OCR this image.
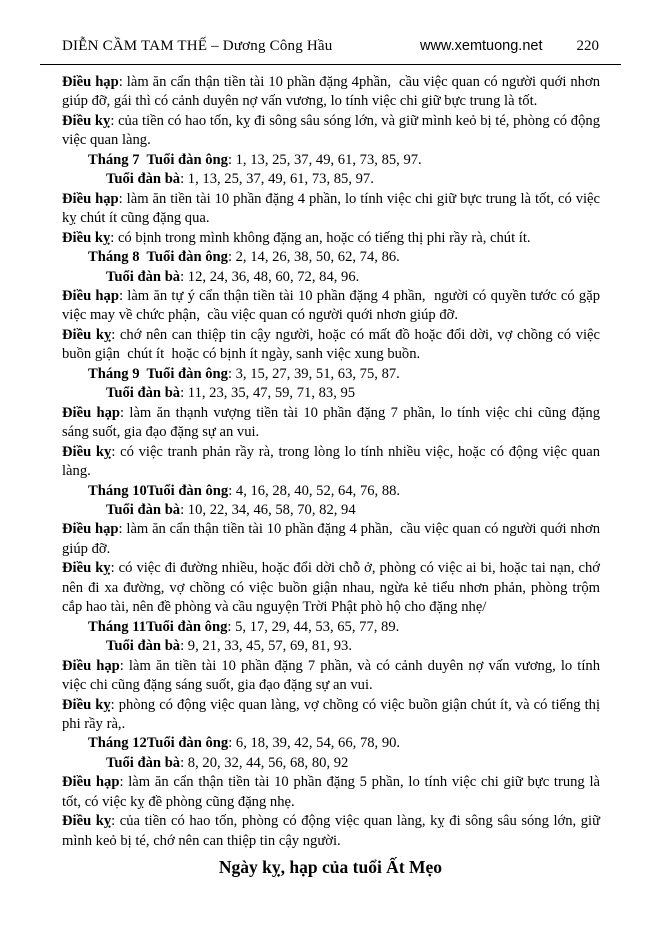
DIỄN CẦM TAM THẾ – Dương Công Hầu	www.xemtuong.net 220

Điều hạp: làm ăn cẩn thận tiền tài 10 phần đặng 4phần,  cầu việc quan có người quới nhơn giúp đỡ, gái thì có cảnh duyên nợ vấn vương, lo tính việc chi giữ bực trung là tốt.

Điều kỵ: của tiền có hao tốn, kỵ đi sông sâu sóng lớn, và giữ mình keỏ bị té, phòng có động việc quan làng.

Tháng 7  Tuổi đàn ông: 1, 13, 25, 37, 49, 61, 73, 85, 97.

Tuổi đàn bà: 1, 13, 25, 37, 49, 61, 73, 85, 97.

Điều hạp: làm ăn tiền tài 10 phần đặng 4 phần, lo tính việc chi giữ bực trung là tốt, có việc kỵ chút ít cũng đặng qua.

Điều kỵ: có bịnh trong mình không đặng an, hoặc có tiếng thị phi rầy rà, chút ít.

Tháng 8  Tuổi đàn ông: 2, 14, 26, 38, 50, 62, 74, 86.

Tuổi đàn bà: 12, 24, 36, 48, 60, 72, 84, 96.

Điều hạp: làm ăn tự ý cẩn thận tiền tài 10 phần đặng 4 phần,  người có quyền tước có gặp việc may về chức phận,  cầu việc quan có người quới nhơn giúp đỡ.

Điều kỵ: chớ nên can thiệp tin cậy người, hoặc có mất đồ hoặc đổi dời, vợ chồng có việc buồn giận  chút ít  hoặc có bịnh ít ngày, sanh việc xung buồn.

Tháng 9  Tuổi đàn ông: 3, 15, 27, 39, 51, 63, 75, 87.

Tuổi đàn bà: 11, 23, 35, 47, 59, 71, 83, 95

Điều hạp: làm ăn thạnh vượng tiền tài 10 phần đặng 7 phần, lo tính việc chi cũng đặng sáng suốt, gia đạo đặng sự an vui.

Điều kỵ: có việc tranh phản rầy rà, trong lòng lo tính nhiều việc, hoặc có động việc quan làng.

Tháng 10Tuổi đàn ông: 4, 16, 28, 40, 52, 64, 76, 88.

Tuổi đàn bà: 10, 22, 34, 46, 58, 70, 82, 94

Điều hạp: làm ăn cẩn thận tiền tài 10 phần đặng 4 phần,  cầu việc quan có người quới nhơn giúp đỡ.

Điều kỵ: có việc đi đường nhiều, hoặc đổi dời chỗ ở, phòng có việc ai bi, hoặc tai nạn, chớ nên đi xa đường, vợ chồng có việc buồn giận nhau, ngừa kẻ tiểu nhơn phản, phòng trộm cắp hao tài, nên đề phòng và cầu nguyện Trời Phật phò hộ cho đặng nhẹ/

Tháng 11Tuổi đàn ông: 5, 17, 29, 44, 53, 65, 77, 89.

Tuổi đàn bà: 9, 21, 33, 45, 57, 69, 81, 93.

Điều hạp: làm ăn tiền tài 10 phần đặng 7 phần, và có cảnh duyên nợ vấn vương, lo tính việc chi cũng đặng sáng suốt, gia đạo đặng sự an vui.

Điều kỵ: phòng có động việc quan làng, vợ chồng có việc buồn giận chút ít, và có tiếng thị phi rầy rà,.

Tháng 12Tuổi đàn ông: 6, 18, 39, 42, 54, 66, 78, 90.

Tuổi đàn bà: 8, 20, 32, 44, 56, 68, 80, 92

Điều hạp: làm ăn cẩn thận tiền tài 10 phần đặng 5 phần, lo tính việc chi giữ bực trung là tốt, có việc kỵ đề phòng cũng đặng nhẹ.

Điều kỵ: của tiền có hao tốn, phòng có động việc quan làng, kỵ đi sông sâu sóng lớn, giữ mình keỏ bị té, chớ nên can thiệp tin cậy người.

Ngày kỵ, hạp của tuổi Ất Mẹo
